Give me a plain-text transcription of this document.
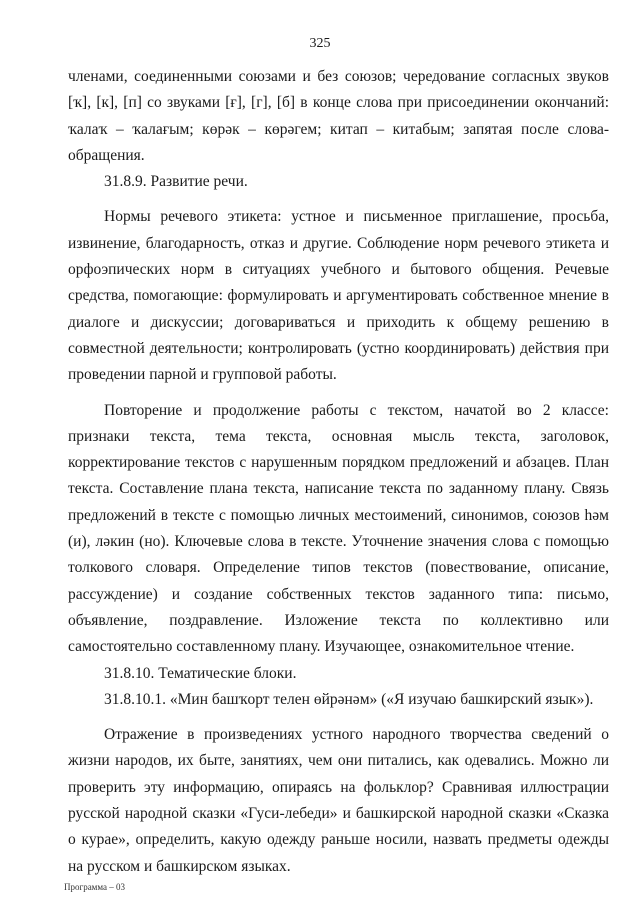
325

членами, соединенными союзами и без союзов; чередование согласных звуков [ҡ], [к], [п] со звуками [ғ], [г], [б] в конце слова при присоединении окончаний: ҡалаҡ – ҡалағым; көрәк – көрәгем; китап – китабым; запятая после слова-обращения.

31.8.9. Развитие речи.

Нормы речевого этикета: устное и письменное приглашение, просьба, извинение, благодарность, отказ и другие. Соблюдение норм речевого этикета и орфоэпических норм в ситуациях учебного и бытового общения. Речевые средства, помогающие: формулировать и аргументировать собственное мнение в диалоге и дискуссии; договариваться и приходить к общему решению в совместной деятельности; контролировать (устно координировать) действия при проведении парной и групповой работы.

Повторение и продолжение работы с текстом, начатой во 2 классе: признаки текста, тема текста, основная мысль текста, заголовок, корректирование текстов с нарушенным порядком предложений и абзацев. План текста. Составление плана текста, написание текста по заданному плану. Связь предложений в тексте с помощью личных местоимений, синонимов, союзов һәм (и), ләкин (но). Ключевые слова в тексте. Уточнение значения слова с помощью толкового словаря. Определение типов текстов (повествование, описание, рассуждение) и создание собственных текстов заданного типа: письмо, объявление, поздравление. Изложение текста по коллективно или самостоятельно составленному плану. Изучающее, ознакомительное чтение.

31.8.10. Тематические блоки.

31.8.10.1. «Мин башҡорт телен өйрәнәм» («Я изучаю башкирский язык»).

Отражение в произведениях устного народного творчества сведений о жизни народов, их быте, занятиях, чем они питались, как одевались. Можно ли проверить эту информацию, опираясь на фольклор? Сравнивая иллюстрации русской народной сказки «Гуси-лебеди» и башкирской народной сказки «Сказка о курае», определить, какую одежду раньше носили, назвать предметы одежды на русском и башкирском языках.

Программа – 03
